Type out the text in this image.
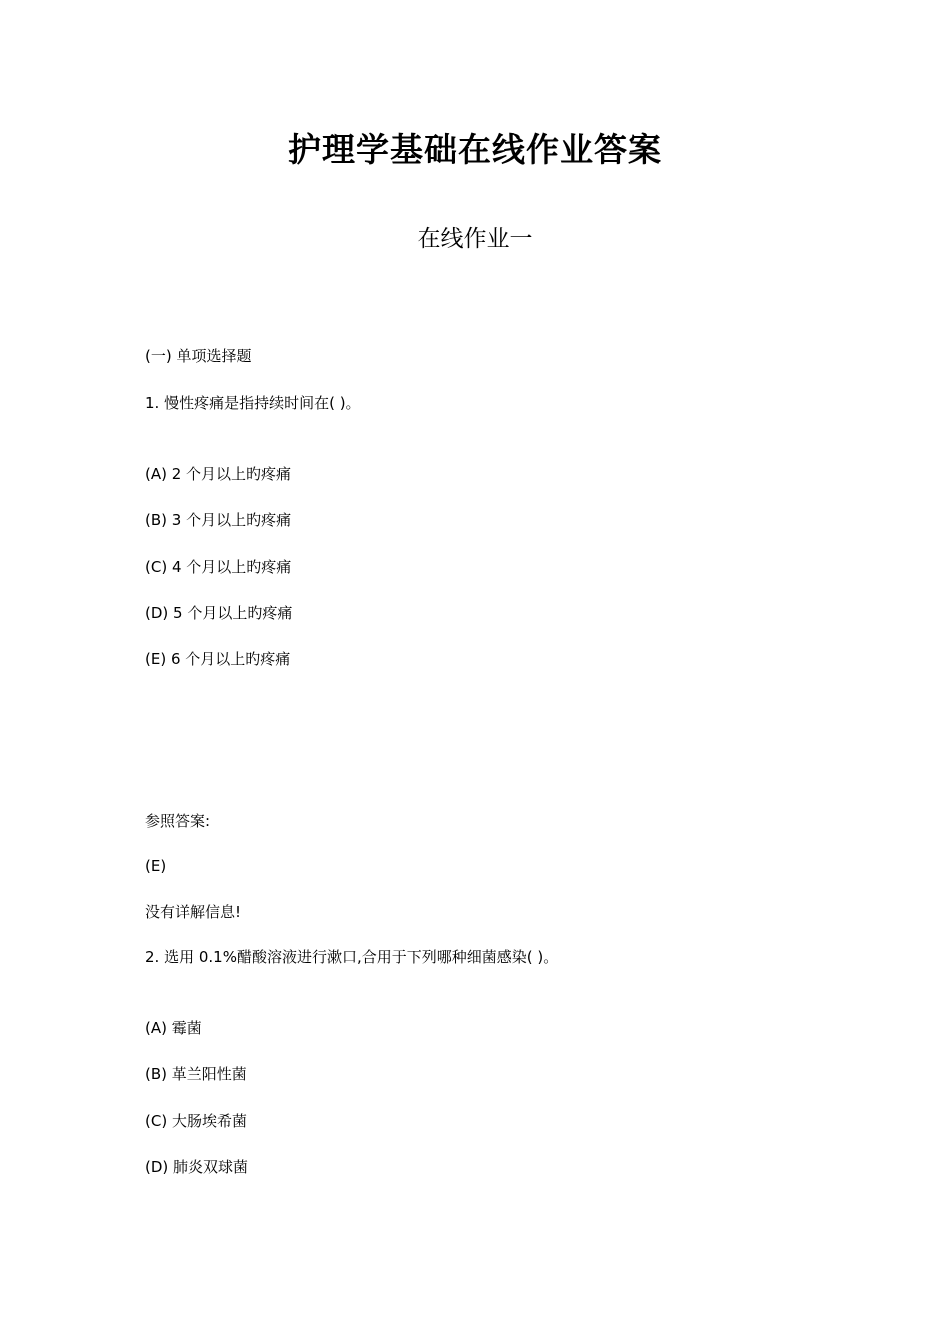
护理学基础在线作业答案
在线作业一
(一) 单项选择题
1. 慢性疼痛是指持续时间在( )。
(A) 2 个月以上旳疼痛
(B) 3 个月以上旳疼痛
(C) 4 个月以上旳疼痛
(D) 5 个月以上旳疼痛
(E) 6 个月以上旳疼痛
参照答案:
(E)
没有详解信息!
2. 选用 0.1%醋酸溶液进行漱口,合用于下列哪种细菌感染( )。
(A) 霉菌
(B) 革兰阳性菌
(C) 大肠埃希菌
(D) 肺炎双球菌
